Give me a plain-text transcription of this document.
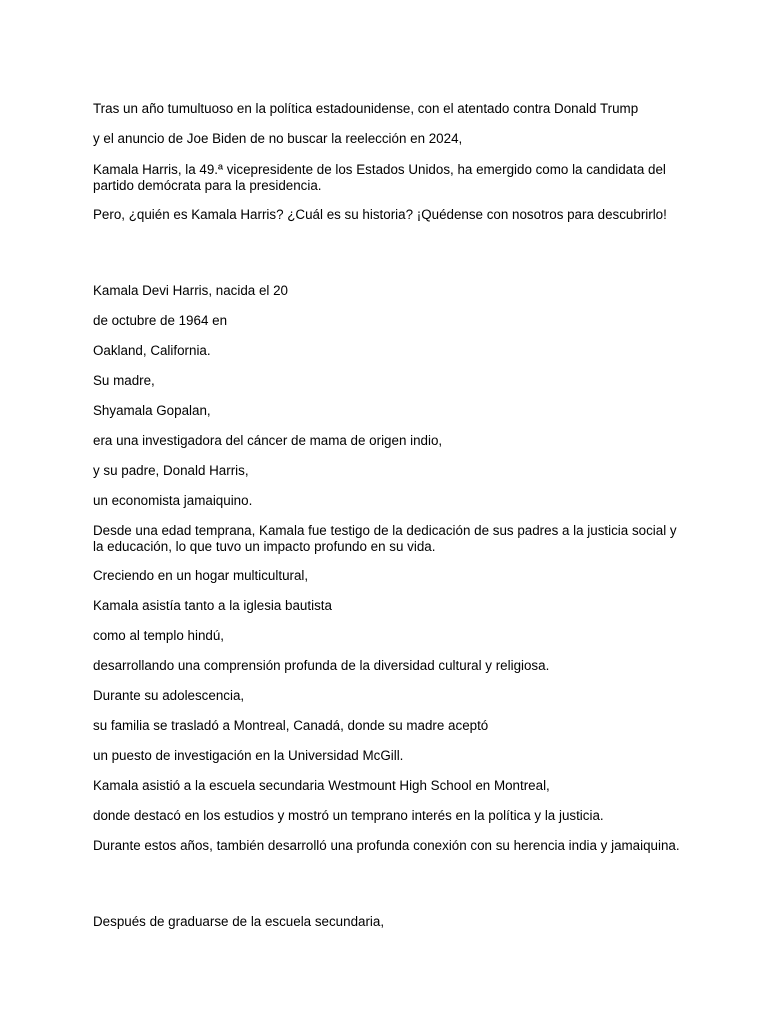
Tras un año tumultuoso en la política estadounidense, con el atentado contra Donald Trump

y el anuncio de Joe Biden de no buscar la reelección en 2024,

Kamala Harris, la 49.ª vicepresidente de los Estados Unidos, ha emergido como la candidata del partido demócrata para la presidencia.

Pero, ¿quién es Kamala Harris? ¿Cuál es su historia? ¡Quédense con nosotros para descubrirlo!

Kamala Devi Harris, nacida el 20

de octubre de 1964 en

Oakland, California.

Su madre,

Shyamala Gopalan,

era una investigadora del cáncer de mama de origen indio,

y su padre, Donald Harris,

un economista jamaiquino.

Desde una edad temprana, Kamala fue testigo de la dedicación de sus padres a la justicia social y la educación, lo que tuvo un impacto profundo en su vida.

Creciendo en un hogar multicultural,

Kamala asistía tanto a la iglesia bautista

como al templo hindú,

desarrollando una comprensión profunda de la diversidad cultural y religiosa.

Durante su adolescencia,

su familia se trasladó a Montreal, Canadá, donde su madre aceptó

un puesto de investigación en la Universidad McGill.

Kamala asistió a la escuela secundaria Westmount High School en Montreal,

donde destacó en los estudios y mostró un temprano interés en la política y la justicia.

Durante estos años, también desarrolló una profunda conexión con su herencia india y jamaiquina.

Después de graduarse de la escuela secundaria,
